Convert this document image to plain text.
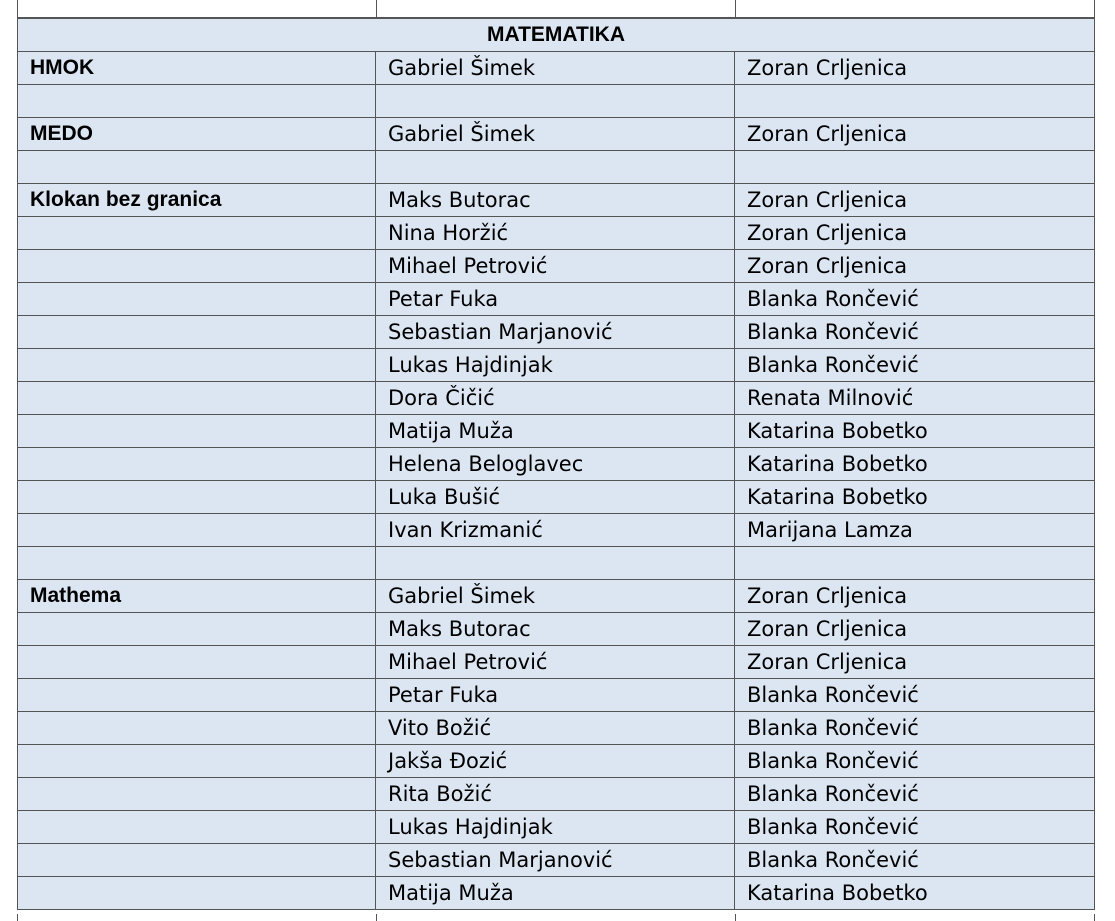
MATEMATIKA		
HMOK	Gabriel Šimek	Zoran Crljenica

MEDO	Gabriel Šimek	Zoran Crljenica

Klokan bez granica	Maks Butorac	Zoran Crljenica
	Nina Horžić	Zoran Crljenica
	Mihael Petrović	Zoran Crljenica
	Petar Fuka	Blanka Rončević
	Sebastian Marjanović	Blanka Rončević
	Lukas Hajdinjak	Blanka Rončević
	Dora Čičić	Renata Milnović
	Matija Muža	Katarina Bobetko
	Helena Beloglavec	Katarina Bobetko
	Luka Bušić	Katarina Bobetko
	Ivan Krizmanić	Marijana Lamza

Mathema	Gabriel Šimek	Zoran Crljenica
	Maks Butorac	Zoran Crljenica
	Mihael Petrović	Zoran Crljenica
	Petar Fuka	Blanka Rončević
	Vito Božić	Blanka Rončević
	Jakša Đozić	Blanka Rončević
	Rita Božić	Blanka Rončević
	Lukas Hajdinjak	Blanka Rončević
	Sebastian Marjanović	Blanka Rončević
	Matija Muža	Katarina Bobetko
